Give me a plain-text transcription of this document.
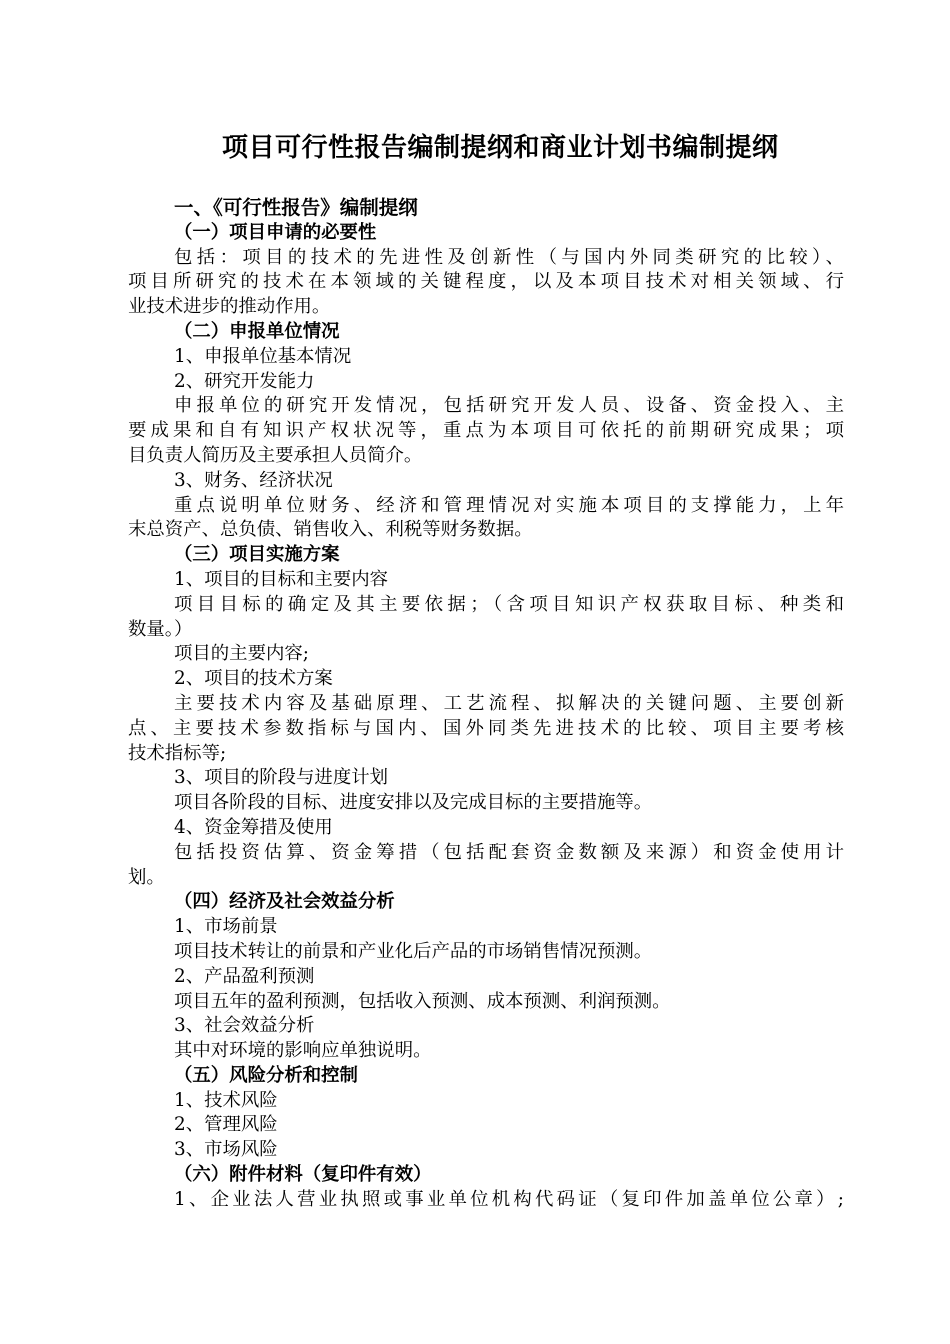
项目可行性报告编制提纲和商业计划书编制提纲
一、《可行性报告》编制提纲
（一）项目申请的必要性
包括：项目的技术的先进性及创新性（与国内外同类研究的比较）、
项目所研究的技术在本领域的关键程度，以及本项目技术对相关领域、行
业技术进步的推动作用。
（二）申报单位情况
1、申报单位基本情况
2、研究开发能力
申报单位的研究开发情况，包括研究开发人员、设备、资金投入、主
要成果和自有知识产权状况等，重点为本项目可依托的前期研究成果；项
目负责人简历及主要承担人员简介。
3、财务、经济状况
重点说明单位财务、经济和管理情况对实施本项目的支撑能力，上年
末总资产、总负债、销售收入、利税等财务数据。
（三）项目实施方案
1、项目的目标和主要内容
项目目标的确定及其主要依据；（含项目知识产权获取目标、种类和
数量。）
项目的主要内容;
2、项目的技术方案
主要技术内容及基础原理、工艺流程、拟解决的关键问题、主要创新
点、主要技术参数指标与国内、国外同类先进技术的比较、项目主要考核
技术指标等;
3、项目的阶段与进度计划
项目各阶段的目标、进度安排以及完成目标的主要措施等。
4、资金筹措及使用
包括投资估算、资金筹措（包括配套资金数额及来源）和资金使用计
划。
（四）经济及社会效益分析
1、市场前景
项目技术转让的前景和产业化后产品的市场销售情况预测。
2、产品盈利预测
项目五年的盈利预测，包括收入预测、成本预测、利润预测。
3、社会效益分析
其中对环境的影响应单独说明。
（五）风险分析和控制
1、技术风险
2、管理风险
3、市场风险
（六）附件材料（复印件有效）
1、企业法人营业执照或事业单位机构代码证（复印件加盖单位公章）;
